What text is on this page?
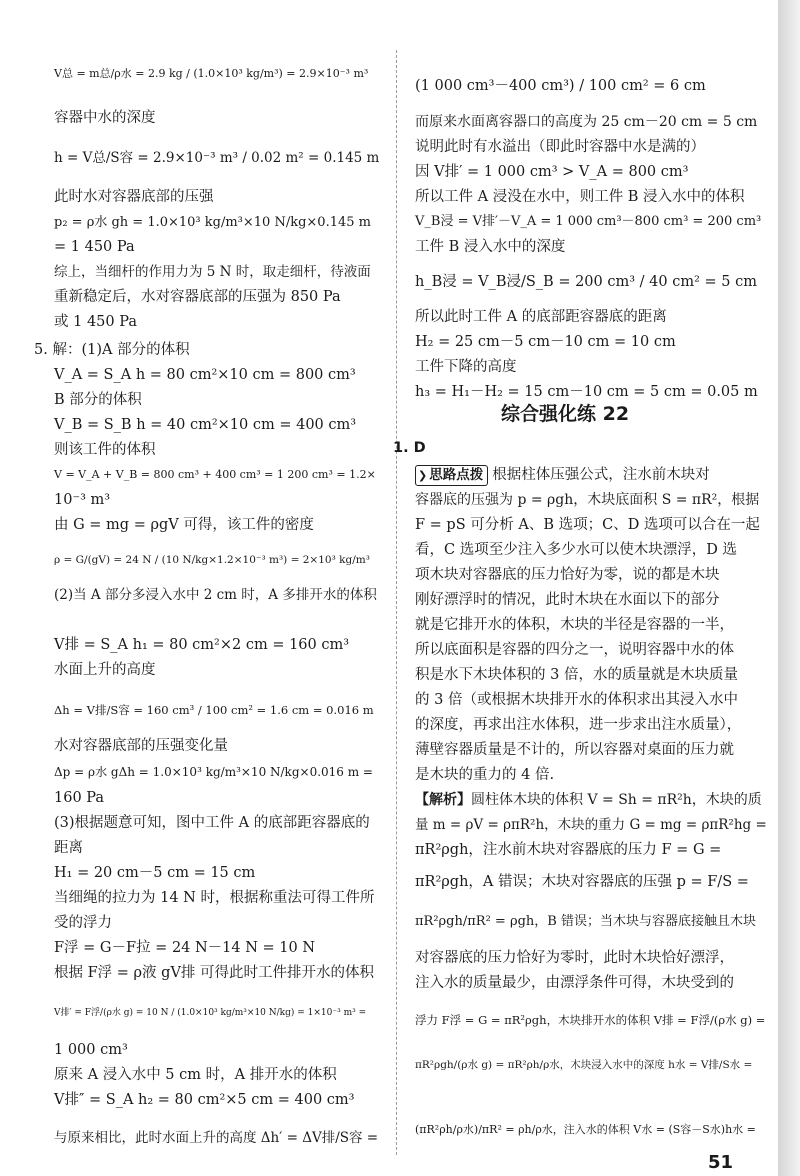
V总 = m总/ρ水 = 2.9 kg / (1.0×10³ kg/m³) = 2.9×10⁻³ m³
容器中水的深度
h = V总/S容 = 2.9×10⁻³ m³ / 0.02 m² = 0.145 m
此时水对容器底部的压强
p₂ = ρ水 gh = 1.0×10³ kg/m³×10 N/kg×0.145 m
= 1 450 Pa
综上，当细杆的作用力为 5 N 时，取走细杆，待液面
重新稳定后，水对容器底部的压强为 850 Pa
或 1 450 Pa
5. 解：(1)A 部分的体积
V_A = S_A h = 80 cm²×10 cm = 800 cm³
B 部分的体积
V_B = S_B h = 40 cm²×10 cm = 400 cm³
则该工件的体积
V = V_A + V_B = 800 cm³ + 400 cm³ = 1 200 cm³ = 1.2×
10⁻³ m³
由 G = mg = ρgV 可得，该工件的密度
ρ = G/(gV) = 24 N / (10 N/kg×1.2×10⁻³ m³) = 2×10³ kg/m³
(2)当 A 部分多浸入水中 2 cm 时，A 多排开水的体积
V排 = S_A h₁ = 80 cm²×2 cm = 160 cm³
水面上升的高度
Δh = V排/S容 = 160 cm³ / 100 cm² = 1.6 cm = 0.016 m
水对容器底部的压强变化量
Δp = ρ水 gΔh = 1.0×10³ kg/m³×10 N/kg×0.016 m =
160 Pa
(3)根据题意可知，图中工件 A 的底部距容器底的
距离
H₁ = 20 cm－5 cm = 15 cm
当细绳的拉力为 14 N 时，根据称重法可得工件所
受的浮力
F浮 = G－F拉 = 24 N－14 N = 10 N
根据 F浮 = ρ液 gV排 可得此时工件排开水的体积
V排′ = F浮/(ρ水 g) = 10 N / (1.0×10³ kg/m³×10 N/kg) = 1×10⁻³ m³ =
1 000 cm³
原来 A 浸入水中 5 cm 时，A 排开水的体积
V排″ = S_A h₂ = 80 cm²×5 cm = 400 cm³
与原来相比，此时水面上升的高度 Δh′ = ΔV排/S容 =
综合强化练 22
1. D
❯ 思路点拨 根据柱体压强公式，注水前木块对
容器底的压强为 p = ρgh，木块底面积 S = πR²，根据
F = pS 可分析 A、B 选项；C、D 选项可以合在一起
看，C 选项至少注入多少水可以使木块漂浮，D 选
项木块对容器底的压力恰好为零，说的都是木块
刚好漂浮时的情况，此时木块在水面以下的部分
就是它排开水的体积，木块的半径是容器的一半，
所以底面积是容器的四分之一，说明容器中水的体
积是水下木块体积的 3 倍，水的质量就是木块质量
的 3 倍（或根据木块排开水的体积求出其浸入水中
的深度，再求出注水体积，进一步求出注水质量），
薄壁容器质量是不计的，所以容器对桌面的压力就
是木块的重力的 4 倍.
【解析】圆柱体木块的体积 V = Sh = πR²h，木块的质
量 m = ρV = ρπR²h，木块的重力 G = mg = ρπR²hg =
πR²ρgh，注水前木块对容器底的压力 F = G =
πR²ρgh，A 错误；木块对容器底的压强 p = F/S =
πR²ρgh/πR² = ρgh，B 错误；当木块与容器底接触且木块
对容器底的压力恰好为零时，此时木块恰好漂浮，
注入水的质量最少，由漂浮条件可得，木块受到的
浮力 F浮 = G = πR²ρgh，木块排开水的体积 V排 = F浮/(ρ水 g) =
πR²ρgh/(ρ水 g) = πR²ρh/ρ水，木块浸入水中的深度 h水 = V排/S水 =
(πR²ρh/ρ水)/πR² = ρh/ρ水，注入水的体积 V水 = (S容－S水)h水 =
(1 000 cm³－400 cm³) / 100 cm² = 6 cm
而原来水面离容器口的高度为 25 cm－20 cm = 5 cm
说明此时有水溢出（即此时容器中水是满的）
因 V排′ = 1 000 cm³ > V_A = 800 cm³
所以工件 A 浸没在水中，则工件 B 浸入水中的体积
V_B浸 = V排′－V_A = 1 000 cm³－800 cm³ = 200 cm³
工件 B 浸入水中的深度
h_B浸 = V_B浸/S_B = 200 cm³ / 40 cm² = 5 cm
所以此时工件 A 的底部距容器底的距离
H₂ = 25 cm－5 cm－10 cm = 10 cm
工件下降的高度
h₃ = H₁－H₂ = 15 cm－10 cm = 5 cm = 0.05 m
51
